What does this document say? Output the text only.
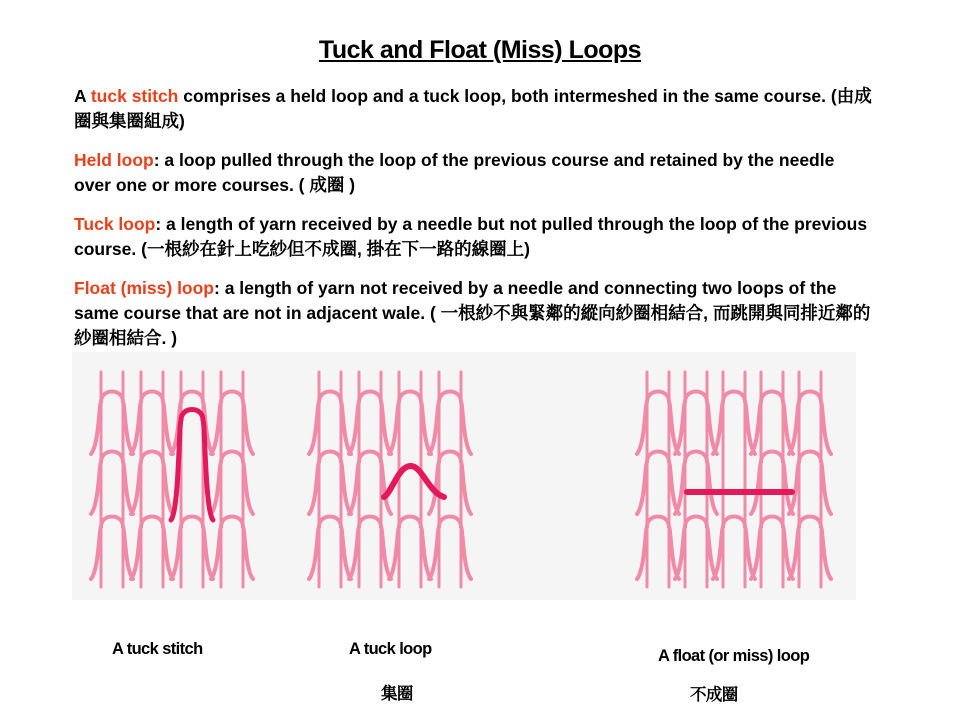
Tuck and Float (Miss) Loops

A tuck stitch comprises a held loop and a tuck loop, both intermeshed in the same course. (由成圈與集圈組成)

Held loop: a loop pulled through the loop of the previous course and retained by the needle over one or more courses. ( 成圈 )

Tuck loop: a length of yarn received by a needle but not pulled through the loop of the previous course. (一根紗在針上吃紗但不成圈, 掛在下一路的線圈上)

Float (miss) loop: a length of yarn not received by a needle and connecting two loops of the same course that are not in adjacent wale. ( 一根紗不與緊鄰的縱向紗圈相結合, 而跳開與同排近鄰的紗圈相結合. )

A tuck stitch	A tuck loop
集圈
A float (or miss) loop
不成圈
